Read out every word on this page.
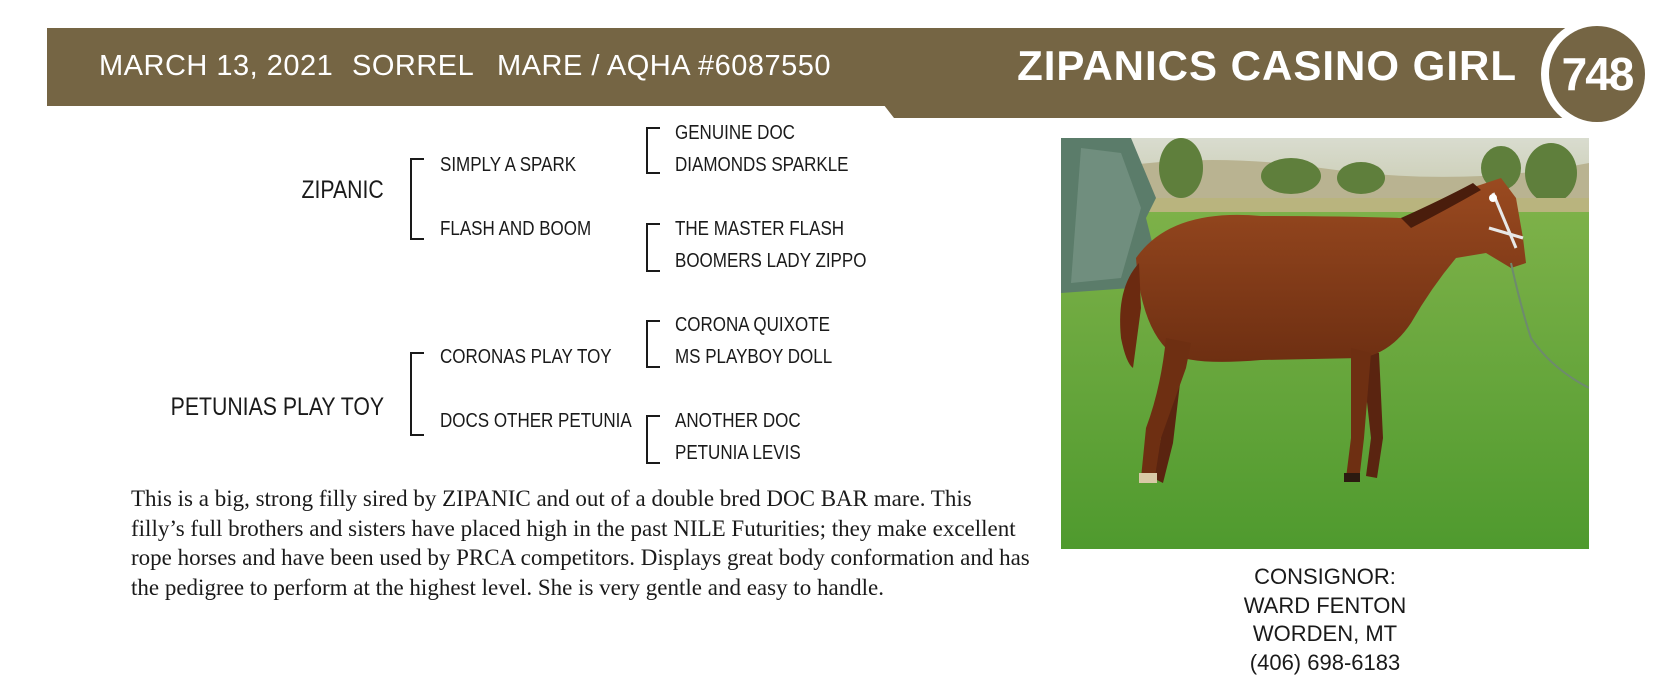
MARCH 13, 2021 SORREL MARE / AQHA #6087550	ZIPANICS CASINO GIRL 748
ZIPANIC
PETUNIAS PLAY TOY
SIMPLY A SPARK
FLASH AND BOOM
CORONAS PLAY TOY
DOCS OTHER PETUNIA
GENUINE DOC
DIAMONDS SPARKLE
THE MASTER FLASH
BOOMERS LADY ZIPPO
CORONA QUIXOTE
MS PLAYBOY DOLL
ANOTHER DOC
PETUNIA LEVIS
This is a big, strong filly sired by ZIPANIC and out of a double bred DOC BAR mare. This filly’s full brothers and sisters have placed high in the past NILE Futurities; they make excellent rope horses and have been used by PRCA competitors. Displays great body conformation and has the pedigree to perform at the highest level. She is very gentle and easy to handle.	CONSIGNOR:
WARD FENTON
WORDEN, MT
(406) 698-6183
